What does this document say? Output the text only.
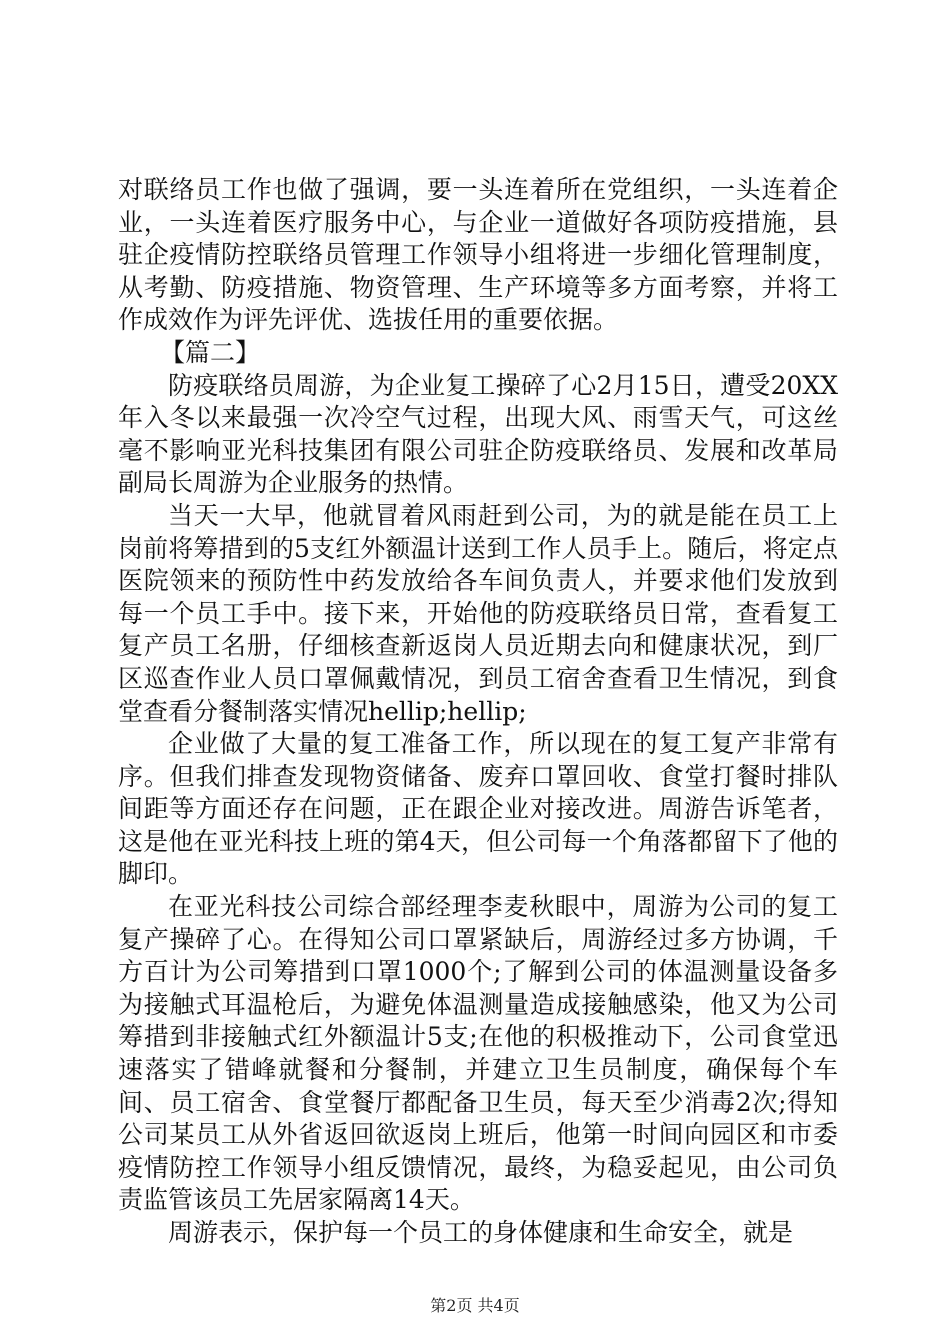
对联络员工作也做了强调，要一头连着所在党组织，一头连着企业，一头连着医疗服务中心，与企业一道做好各项防疫措施，县驻企疫情防控联络员管理工作领导小组将进一步细化管理制度，从考勤、防疫措施、物资管理、生产环境等多方面考察，并将工作成效作为评先评优、选拔任用的重要依据。

【篇二】

防疫联络员周游，为企业复工操碎了心2月15日，遭受20XX年入冬以来最强一次冷空气过程，出现大风、雨雪天气，可这丝毫不影响亚光科技集团有限公司驻企防疫联络员、发展和改革局副局长周游为企业服务的热情。

当天一大早，他就冒着风雨赶到公司，为的就是能在员工上岗前将筹措到的5支红外额温计送到工作人员手上。随后，将定点医院领来的预防性中药发放给各车间负责人，并要求他们发放到每一个员工手中。接下来，开始他的防疫联络员日常，查看复工复产员工名册，仔细核查新返岗人员近期去向和健康状况，到厂区巡查作业人员口罩佩戴情况，到员工宿舍查看卫生情况，到食堂查看分餐制落实情况hellip;hellip;

企业做了大量的复工准备工作，所以现在的复工复产非常有序。但我们排查发现物资储备、废弃口罩回收、食堂打餐时排队间距等方面还存在问题，正在跟企业对接改进。周游告诉笔者，这是他在亚光科技上班的第4天，但公司每一个角落都留下了他的脚印。

在亚光科技公司综合部经理李麦秋眼中，周游为公司的复工复产操碎了心。在得知公司口罩紧缺后，周游经过多方协调，千方百计为公司筹措到口罩1000个;了解到公司的体温测量设备多为接触式耳温枪后，为避免体温测量造成接触感染，他又为公司筹措到非接触式红外额温计5支;在他的积极推动下，公司食堂迅速落实了错峰就餐和分餐制，并建立卫生员制度，确保每个车间、员工宿舍、食堂餐厅都配备卫生员，每天至少消毒2次;得知公司某员工从外省返回欲返岗上班后，他第一时间向园区和市委疫情防控工作领导小组反馈情况，最终，为稳妥起见，由公司负责监管该员工先居家隔离14天。

周游表示，保护每一个员工的身体健康和生命安全，就是

第2页 共4页
